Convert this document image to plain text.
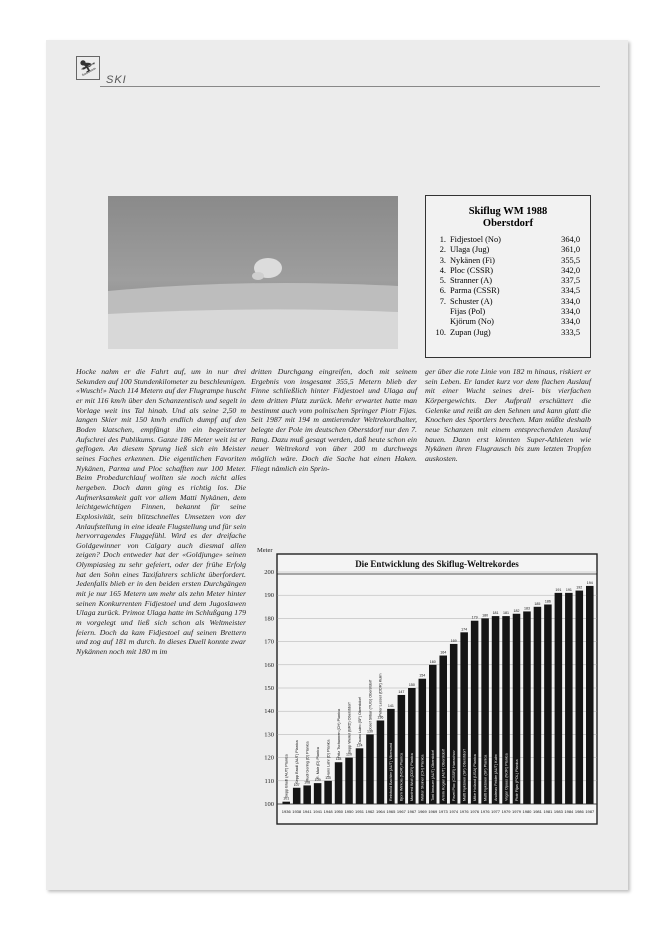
⛷
SKI
Skiflug WM 1988
Oberstdorf
1. Fidjestoel (No)	364,0
2. Ulaga (Jug)	361,0
3. Nykänen (Fi)	355,5
4. Ploc (CSSR)	342,0
5. Stranner (A)	337,5
6. Parma (CSSR)	334,5
7. Schuster (A)	334,0
Fijas (Pol)	334,0
Kjörum (No)	334,0
10. Zupan (Jug)	333,5

Hocke nahm er die Fahrt auf, um in nur drei Sekunden auf 100 Stundenkilometer zu beschleunigen. «Wusch!» Nach 114 Metern auf der Flugrampe huscht er mit 116 km/h über den Schanzentisch und segelt in Vorlage weit ins Tal hinab. Und als seine 2,50 m langen Skier mit 150 km/h endlich dumpf auf den Boden klatschen, empfängt ihn ein begeisterter Aufschrei des Publikums. Ganze 186 Meter weit ist er geflogen. An diesem Sprung ließ sich ein Meister seines Faches erkennen. Die eigentlichen Favoriten Nykänen, Parma und Ploc schafften nur 100 Meter. Beim Probedurchlauf wollten sie noch nicht alles hergeben. Doch dann ging es richtig los. Die Aufmerksamkeit galt vor allem Matti Nykänen, dem leichtgewichtigen Finnen, bekannt für seine Explosivität, sein blitzschnelles Umsetzen von der Anlaufstellung in eine ideale Flugstellung und für sein hervorragendes Fluggefühl. Wird es der dreifache Goldgewinner von Calgary auch diesmal allen zeigen? Doch entweder hat der «Goldjunge» seinen Olympiasieg zu sehr gefeiert, oder der frühe Erfolg hat den Sohn eines Taxifahrers schlicht überfordert. Jedenfalls blieb er in den beiden ersten Durchgängen mit je nur 165 Metern um mehr als zehn Meter hinter seinen Konkurrenten Fidjestoel und dem Jugoslawen Ulaga zurück. Primoz Ulaga hatte im Schlußgang 179 m vorgelegt und ließ sich schon als Weltmeister feiern. Doch da kam Fidjestoel auf seinen Brettern und zog auf 181 m durch. In dieses Duell konnte zwar Nykännen noch mit 180 m im

dritten Durchgang eingreifen, doch mit seinem Ergebnis von insgesamt 355,5 Metern blieb der Finne schließlich hinter Fidjestoel und Ulaga auf dem dritten Platz zurück. Mehr erwartet hatte man bestimmt auch vom polnischen Springer Piotr Fijas. Seit 1987 mit 194 m amtierender Weltrekordhalter, belegte der Pole im deutschen Oberstdorf nur den 7. Rang. Dazu muß gesagt werden, daß heute schon ein neuer Weltrekord von über 200 m durchwegs möglich wäre. Doch die Sache hat einen Haken. Fliegt nämlich ein Sprin-

ger über die rote Linie von 182 m hinaus, riskiert er sein Leben. Er landet kurz vor dem flachen Auslauf mit einer Wucht seines drei- bis vierfachen Körpergewichts. Der Aufprall erschüttert die Gelenke und reißt an den Sehnen und kann glatt die Knochen des Sportlers brechen. Man müßte deshalb neue Schanzen mit einem entsprechenden Auslauf bauen. Dann erst könnten Super-Athleten wie Nykänen ihren Flugrausch bis zum letzten Tropfen auskosten.

Meter
Die Entwicklung des Skiflug-Weltrekordes
100
110
120
130
140
150
160
170
180
190
200
101
Sepp Bradl (AUT) Planica
1936
107
Sepp Bradl (AUT) Planica
1938
108
Rudi Gering (D) Planica
1941
109
R. Mair (D) Planica
1941
110
Hans Lahr (D) Planica
1948
118
Fritz Tschannen (CH) Planica
1950
120
Sepp Weiler (BRD) Oberstdorf
1950
124
Tauno Luiro (SF) Oberstdorf
1951
130
Josef Slibar (YUG) Oberstdorf
1962
136
Peter Lesser (DDR) Kulm
1964
141
Reinhold Bachler (AUT) Vikersund
1965
147
Bjorn Wirkola (NOR) Planica
1967
150
Manfred Wolf (DDR) Planica
1967
154
Walter Steiner (CH) Planica
1969
160
Toni Innauer (AUT) Oberstdorf
1969
164
Armin Kogler (AUT) Oberstdorf
1973
169
Pavel Ploc (CSSR) Harrachov
1974
174
Matti Nykänen (SF) Oberstdorf
1976
179
Mike Holland (USA) Planica
1976
180
Matti Nykänen (SF) Planica
1976
181
Andreas Felder (AUT) Kulm
1977
181
Vegar Opaas (NOR) Planica
1979
182
Piotr Fijas (POL) Planica
1979
183
1980
185
1981
186
1981
191
1983
191
1984
192
1986
194
1987
